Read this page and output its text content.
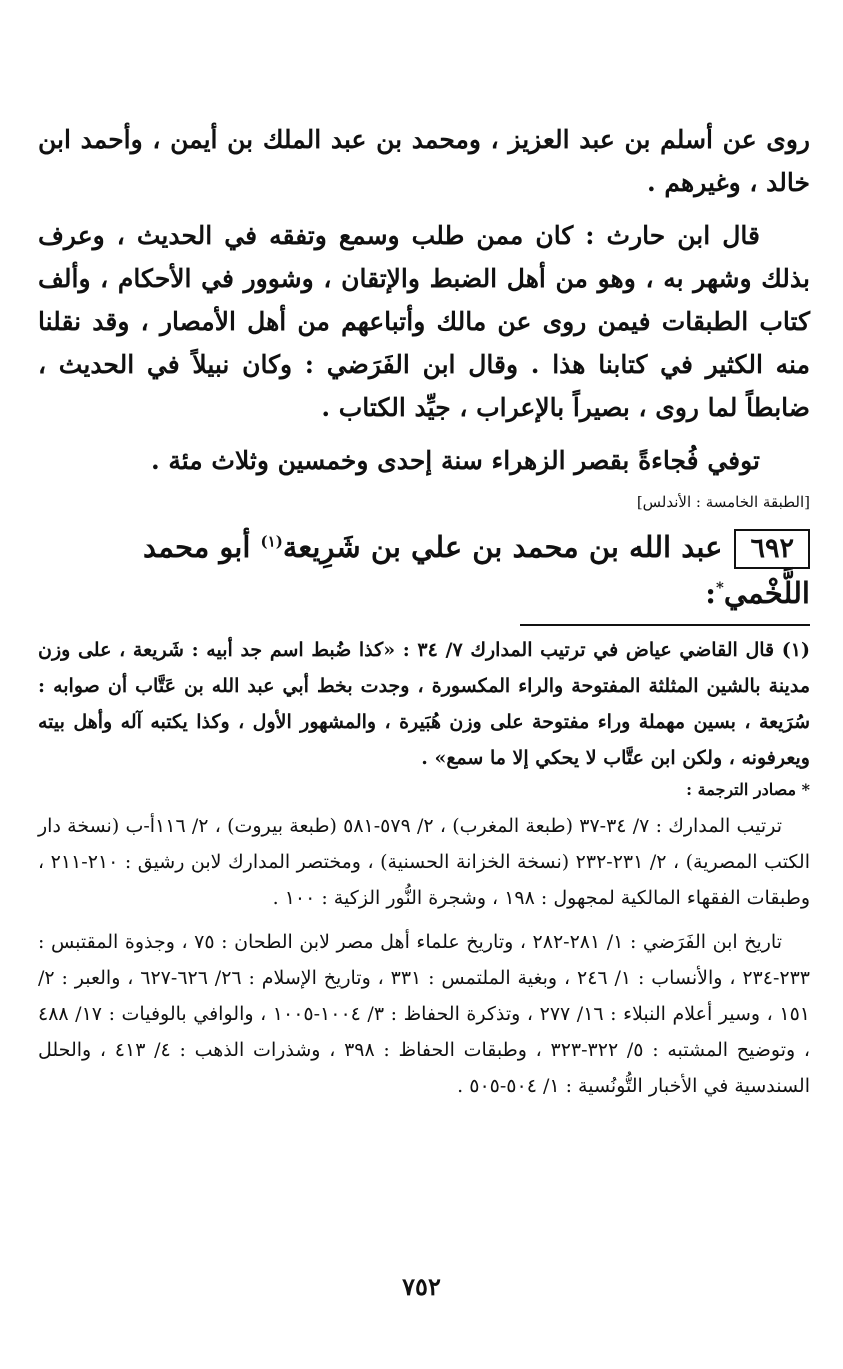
روى عن أسلم بن عبد العزيز ، ومحمد بن عبد الملك بن أيمن ، وأحمد ابن خالد ، وغيرهم .

قال ابن حارث : كان ممن طلب وسمع وتفقه في الحديث ، وعرف بذلك وشهر به ، وهو من أهل الضبط والإتقان ، وشوور في الأحكام ، وألف كتاب الطبقات فيمن روى عن مالك وأتباعهم من أهل الأمصار ، وقد نقلنا منه الكثير في كتابنا هذا . وقال ابن الفَرَضي : وكان نبيلاً في الحديث ، ضابطاً لما روى ، بصيراً بالإعراب ، جيِّد الكتاب .

توفي فُجاءةً بقصر الزهراء سنة إحدى وخمسين وثلاث مئة .

[الطبقة الخامسة : الأندلس]
٦٩٢عبد الله بن محمد بن علي بن شَرِيعة$^{(١)}$ أبو محمد اللَّخْمي*:

(١) قال القاضي عياض في ترتيب المدارك ٧/ ٣٤ : «كذا ضُبط اسم جد أبيه : شَريعة ، على وزن مدينة بالشين المثلثة المفتوحة والراء المكسورة ، وجدت بخط أبي عبد الله بن عَتَّاب أن صوابه : سُرَيعة ، بسين مهملة وراء مفتوحة على وزن هُبَيرة ، والمشهور الأول ، وكذا يكتبه آله وأهل بيته ويعرفونه ، ولكن ابن عتَّاب لا يحكي إلا ما سمع» .

* مصادر الترجمة :

ترتيب المدارك : ٧/ ٣٤-٣٧ (طبعة المغرب) ، ٢/ ٥٧٩-٥٨١ (طبعة بيروت) ، ٢/ ١١٦أ-ب (نسخة دار الكتب المصرية) ، ٢/ ٢٣١-٢٣٢ (نسخة الخزانة الحسنية) ، ومختصر المدارك لابن رشيق : ٢١٠-٢١١ ، وطبقات الفقهاء المالكية لمجهول : ١٩٨ ، وشجرة النُّور الزكية : ١٠٠ .

تاريخ ابن الفَرَضي : ١/ ٢٨١-٢٨٢ ، وتاريخ علماء أهل مصر لابن الطحان : ٧٥ ، وجذوة المقتبس : ٢٣٣-٢٣٤ ، والأنساب : ١/ ٢٤٦ ، وبغية الملتمس : ٣٣١ ، وتاريخ الإسلام : ٢٦/ ٦٢٦-٦٢٧ ، والعبر : ٢/ ١٥١ ، وسير أعلام النبلاء : ١٦/ ٢٧٧ ، وتذكرة الحفاظ : ٣/ ١٠٠٤-١٠٠٥ ، والوافي بالوفيات : ١٧/ ٤٨٨ ، وتوضيح المشتبه : ٥/ ٣٢٢-٣٢٣ ، وطبقات الحفاظ : ٣٩٨ ، وشذرات الذهب : ٤/ ٤١٣ ، والحلل السندسية في الأخبار التُّونُسية : ١/ ٥٠٤-٥٠٥ .

٧٥٢
